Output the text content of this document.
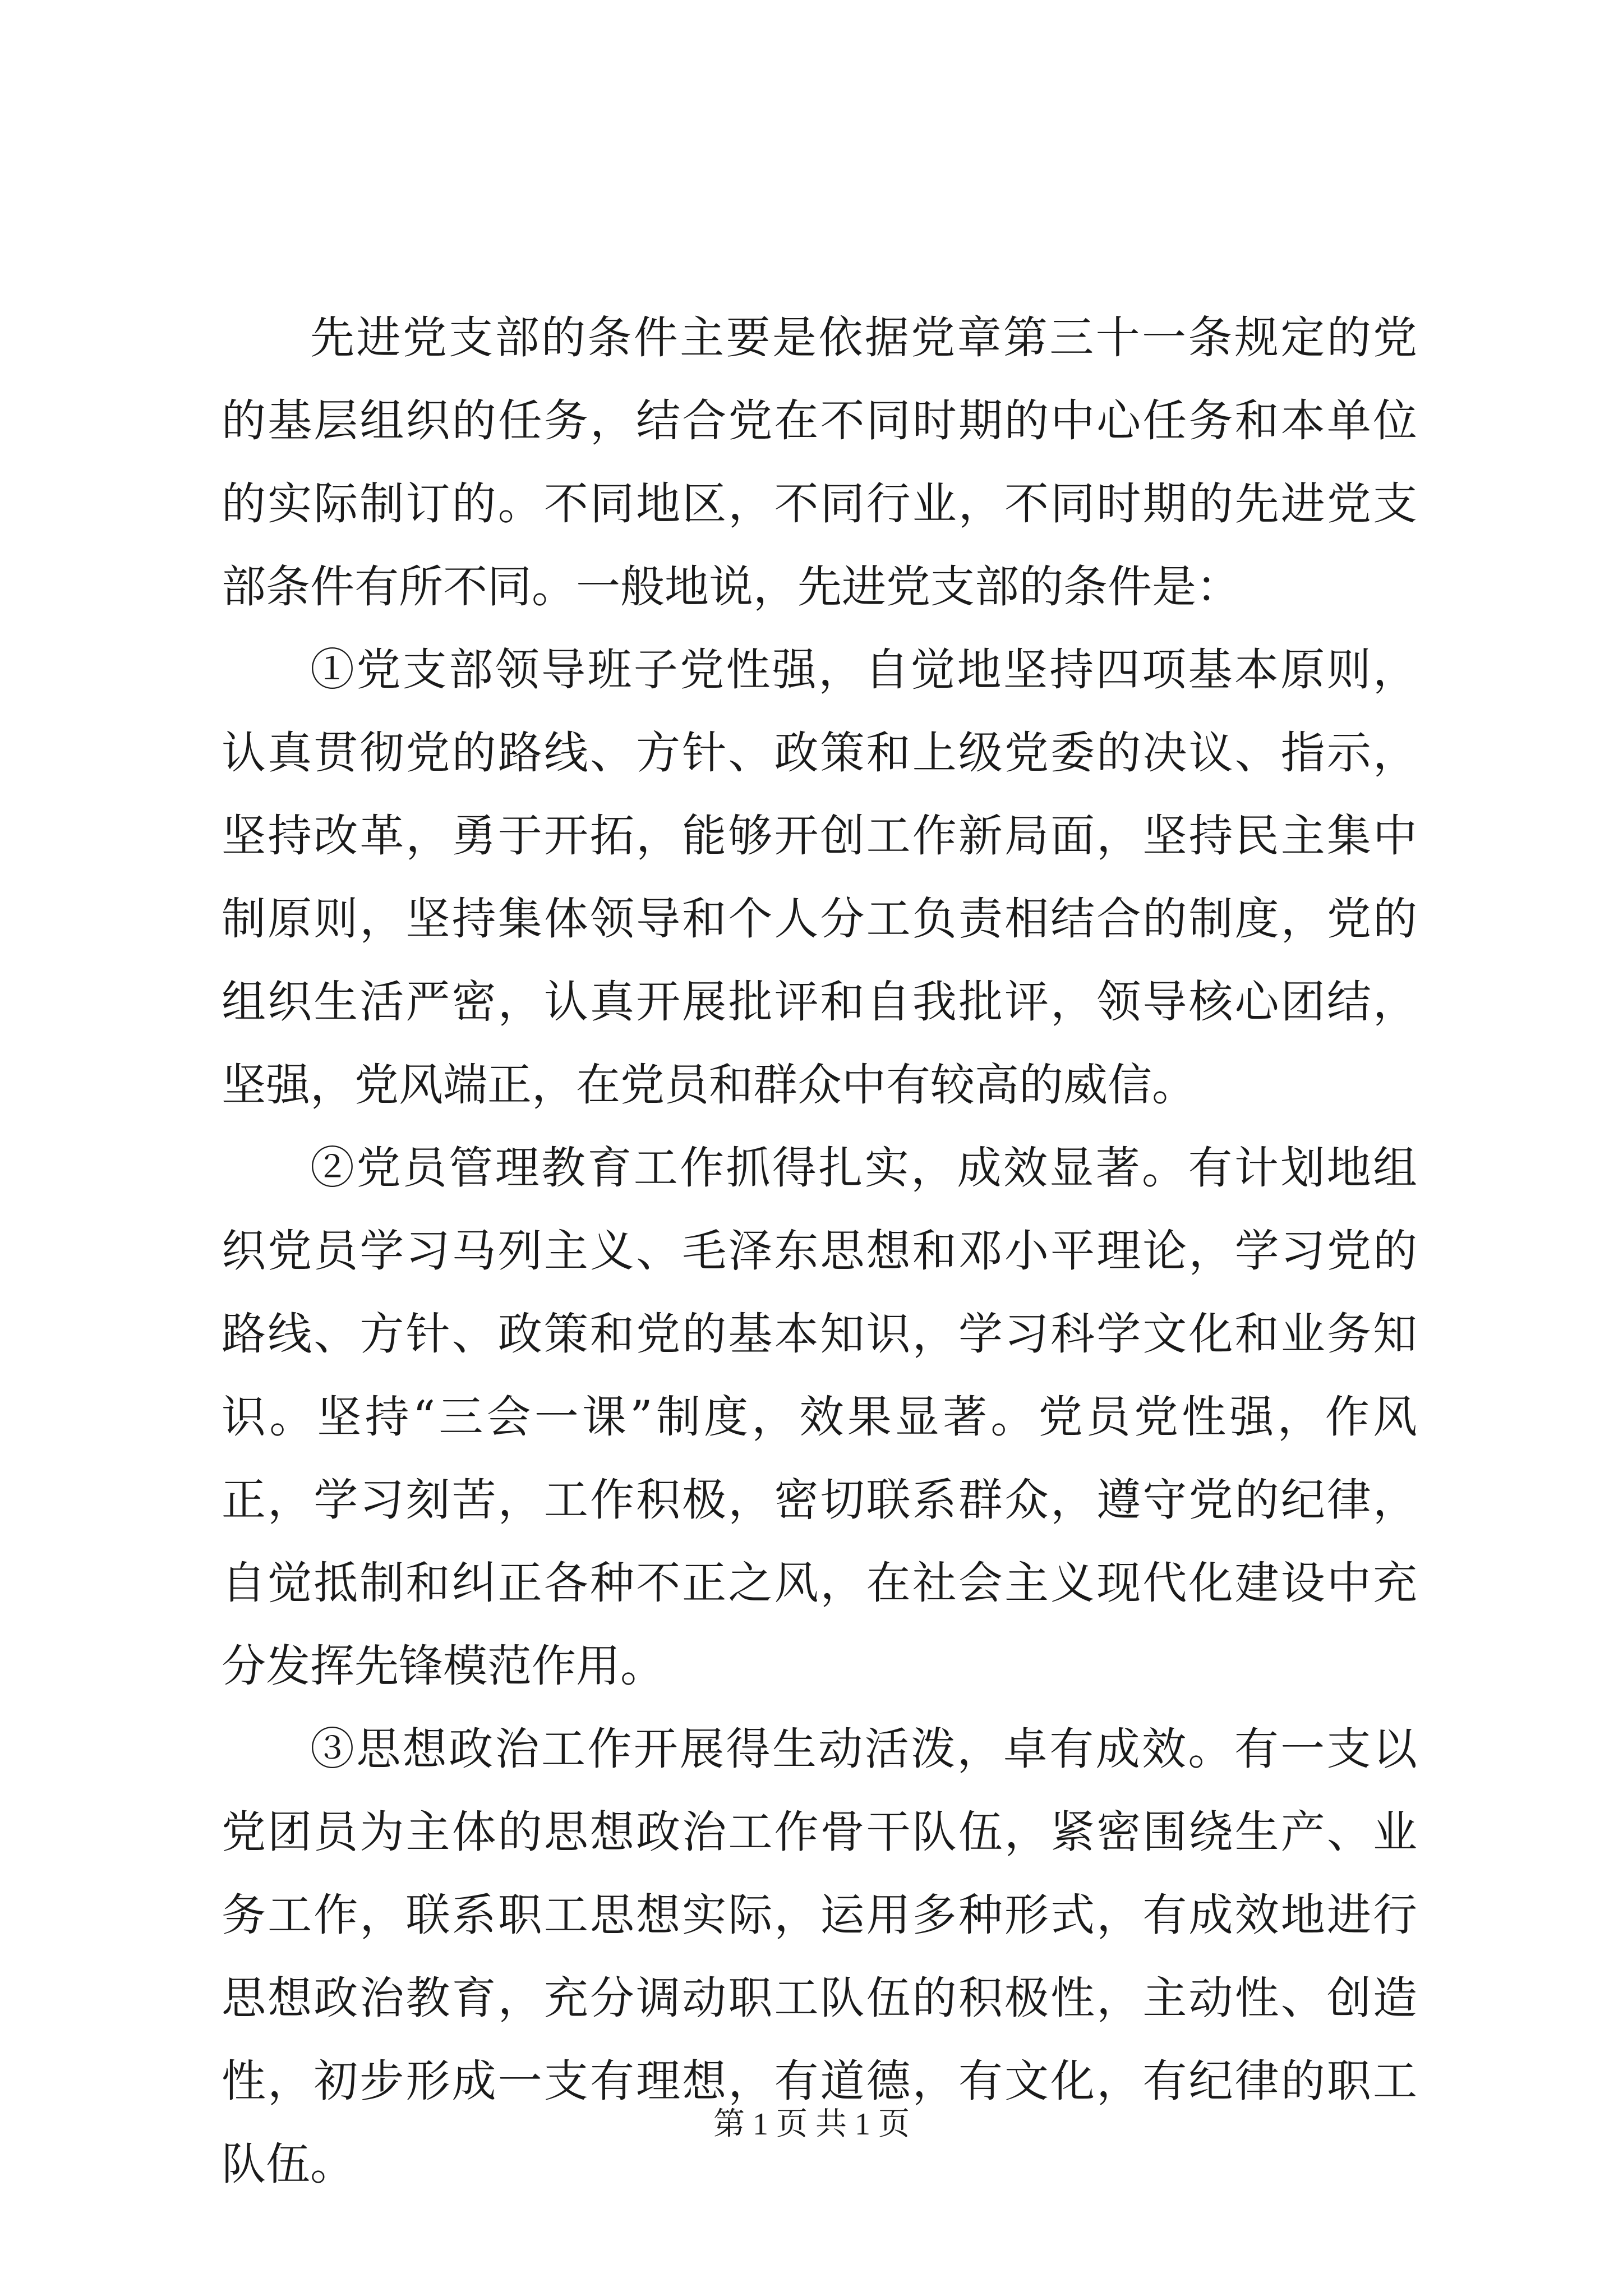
先进党支部的条件主要是依据党章第三十一条规定的党的基层组织的任务，结合党在不同时期的中心任务和本单位的实际制订的。不同地区，不同行业，不同时期的先进党支部条件有所不同。一般地说，先进党支部的条件是：

①党支部领导班子党性强，自觉地坚持四项基本原则，认真贯彻党的路线、方针、政策和上级党委的决议、指示，坚持改革，勇于开拓，能够开创工作新局面，坚持民主集中制原则，坚持集体领导和个人分工负责相结合的制度，党的组织生活严密，认真开展批评和自我批评，领导核心团结，坚强，党风端正，在党员和群众中有较高的威信。

②党员管理教育工作抓得扎实，成效显著。有计划地组织党员学习马列主义、毛泽东思想和邓小平理论，学习党的路线、方针、政策和党的基本知识，学习科学文化和业务知识。坚持“三会一课”制度，效果显著。党员党性强，作风正，学习刻苦，工作积极，密切联系群众，遵守党的纪律，自觉抵制和纠正各种不正之风，在社会主义现代化建设中充分发挥先锋模范作用。

③思想政治工作开展得生动活泼，卓有成效。有一支以党团员为主体的思想政治工作骨干队伍，紧密围绕生产、业务工作，联系职工思想实际，运用多种形式，有成效地进行思想政治教育，充分调动职工队伍的积极性，主动性、创造性，初步形成一支有理想，有道德，有文化，有纪律的职工队伍。

第 1 页 共 1 页
